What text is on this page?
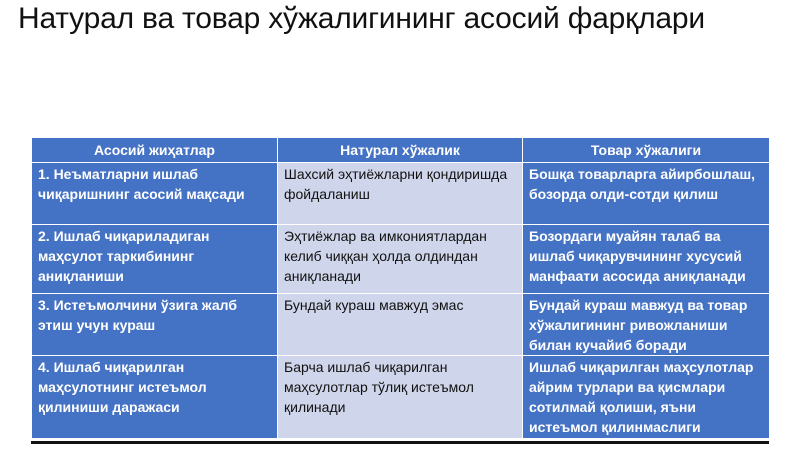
Натурал ва товар хўжалигининг асосий фарқлари
Асосий жиҳатлар	Натурал хўжалик	Товар хўжалиги
1. Неъматларни ишлаб чиқаришнинг асосий мақсади	Шахсий эҳтиёжларни қондиришда фойдаланиш	Бошқа товарларга айирбошлаш, бозорда олди-сотди қилиш
2. Ишлаб чиқариладиган маҳсулот таркибининг аниқланиши	Эҳтиёжлар ва имкониятлардан келиб чиққан ҳолда олдиндан аниқланади	Бозордаги муайян талаб ва ишлаб чиқарувчининг хусусий манфаати асосида аниқланади
3. Истеъмолчини ўзига жалб этиш учун кураш	Бундай кураш мавжуд эмас	Бундай кураш мавжуд ва товар хўжалигининг ривожланиши билан кучайиб боради
4. Ишлаб чиқарилган маҳсулотнинг истеъмол қилиниши даражаси	Барча ишлаб чиқарилган маҳсулотлар тўлиқ истеъмол қилинади	Ишлаб чиқарилган маҳсулотлар айрим турлари ва қисмлари сотилмай қолиши, яъни истеъмол қилинмаслиги
